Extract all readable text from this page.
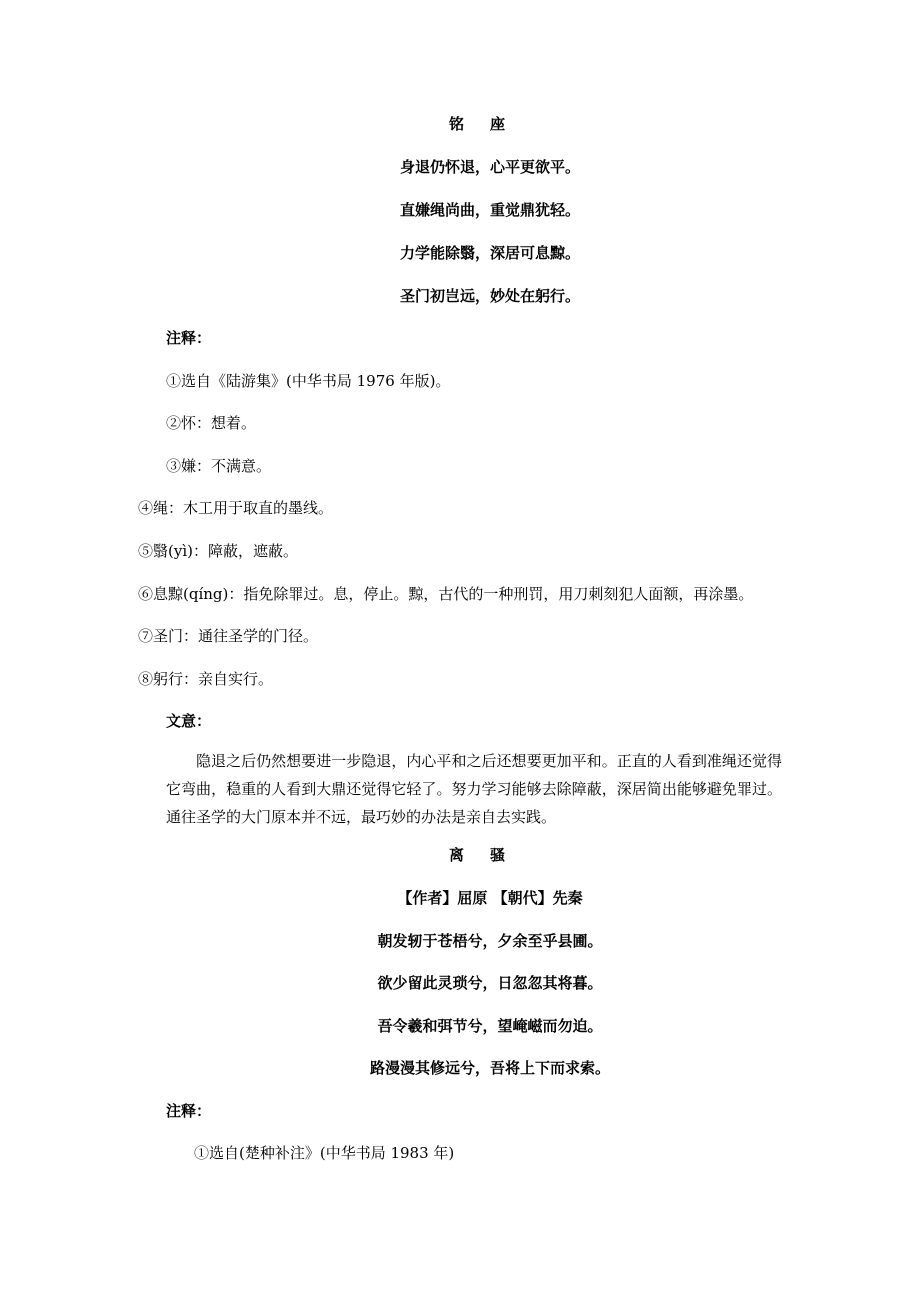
铭座
身退仍怀退，心平更欲平。
直嫌绳尚曲，重觉鼎犹轻。
力学能除翳，深居可息黥。
圣门初岂远，妙处在躬行。
注释：
①选自《陆游集》(中华书局 1976 年版)。
②怀：想着。
③嫌：不满意。
④绳：木工用于取直的墨线。
⑤翳(yì)：障蔽，遮蔽。
⑥息黥(qíng)：指免除罪过。息，停止。黥，古代的一种刑罚，用刀刺刻犯人面额，再涂墨。
⑦圣门：通往圣学的门径。
⑧躬行：亲自实行。
文意：
隐退之后仍然想要进一步隐退，内心平和之后还想要更加平和。正直的人看到准绳还觉得它弯曲，稳重的人看到大鼎还觉得它轻了。努力学习能够去除障蔽，深居简出能够避免罪过。通往圣学的大门原本并不远，最巧妙的办法是亲自去实践。
离骚
【作者】屈原 【朝代】先秦
朝发轫于苍梧兮，夕余至乎县圃。
欲少留此灵琐兮，日忽忽其将暮。
吾令羲和弭节兮，望崦嵫而勿迫。
路漫漫其修远兮，吾将上下而求索。
注释：
①选自(楚种补注》(中华书局 1983 年)
